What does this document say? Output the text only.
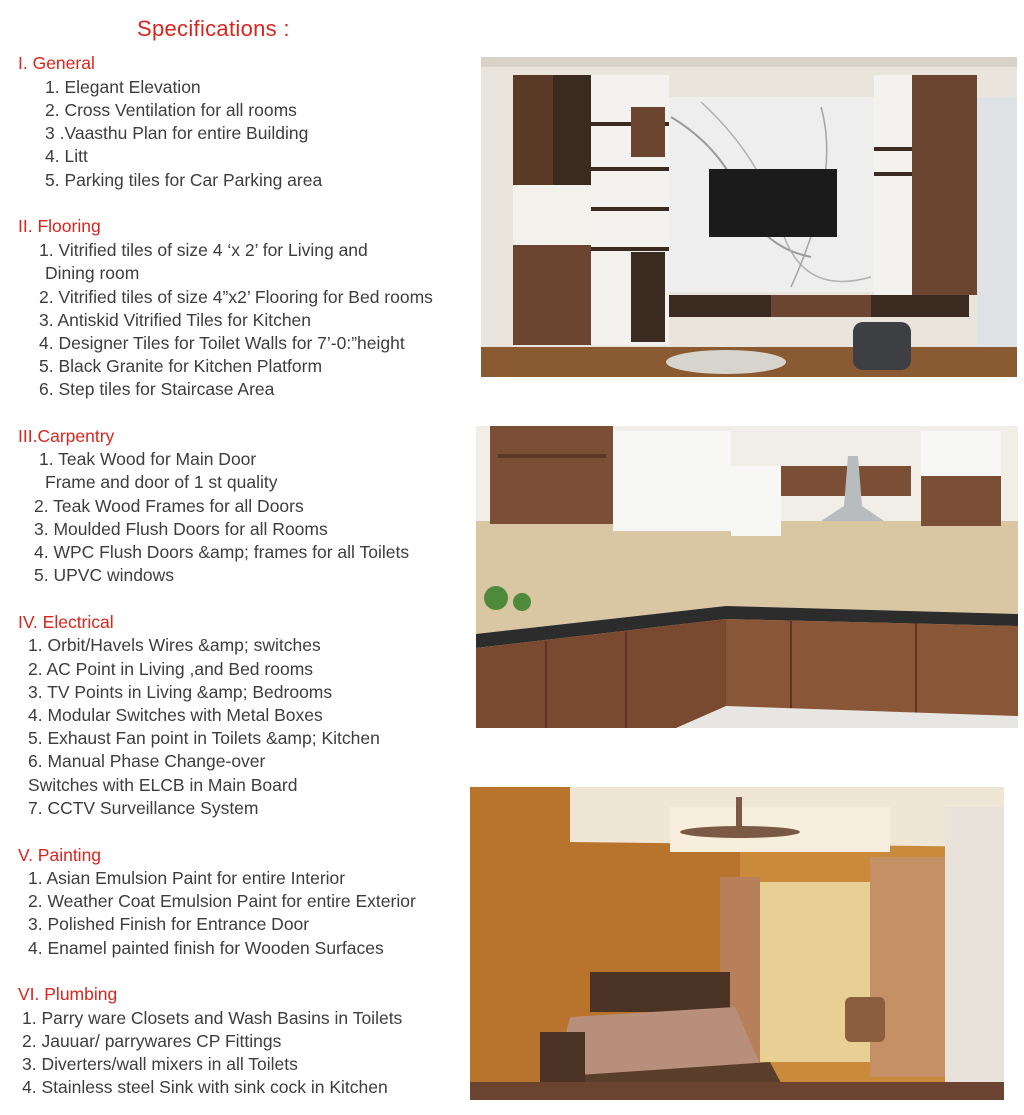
Specifications :
I. General
1. Elegant Elevation
2. Cross Ventilation for all rooms
3 .Vaasthu Plan for entire Building
4. Litt
5. Parking tiles for Car Parking area
II. Flooring
1. Vitrified tiles of size 4 ‘x 2’ for Living and
Dining room
2. Vitrified tiles of size 4”x2’ Flooring for Bed rooms
3. Antiskid Vitrified Tiles for Kitchen
4. Designer Tiles for Toilet Walls for 7’-0:”height
5. Black Granite for Kitchen Platform
6. Step tiles for Staircase Area
III.Carpentry
1. Teak Wood for Main Door
Frame and door of 1 st quality
2. Teak Wood Frames for all Doors
3. Moulded Flush Doors for all Rooms
4. WPC Flush Doors &amp; frames for all Toilets
5. UPVC windows
IV. Electrical
1. Orbit/Havels Wires &amp; switches
2. AC Point in Living ,and Bed rooms
3. TV Points in Living &amp; Bedrooms
4. Modular Switches with Metal Boxes
5. Exhaust Fan point in Toilets &amp; Kitchen
6. Manual Phase Change-over
Switches with ELCB in Main Board
7. CCTV Surveillance System
V. Painting
1. Asian Emulsion Paint for entire Interior
2. Weather Coat Emulsion Paint for entire Exterior
3. Polished Finish for Entrance Door
4. Enamel painted finish for Wooden Surfaces
VI. Plumbing
1. Parry ware Closets and Wash Basins in Toilets
2. Jauuar/ parrywares CP Fittings
3. Diverters/wall mixers in all Toilets
4. Stainless steel Sink with sink cock in Kitchen
